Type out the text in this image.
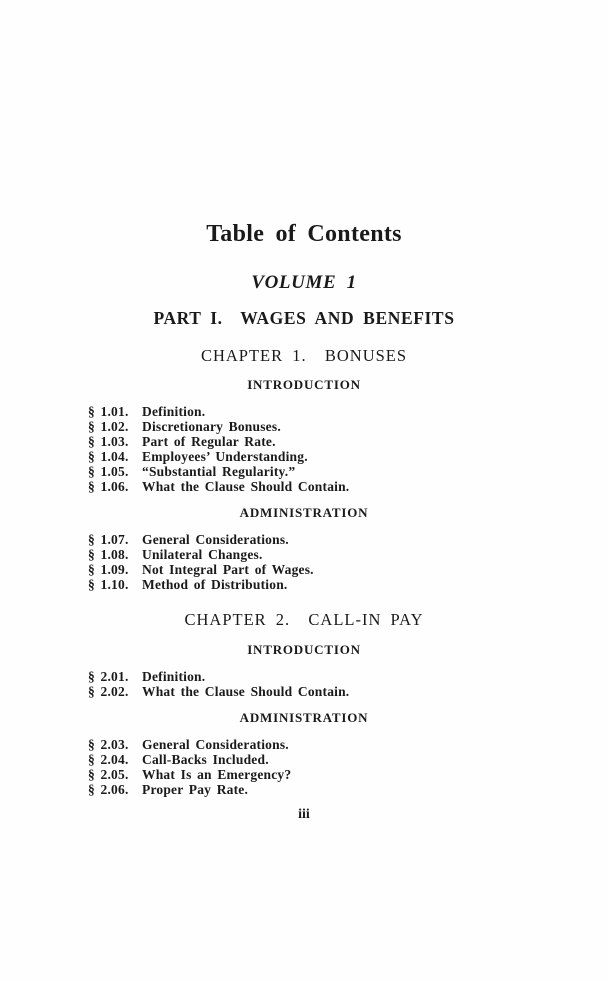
Table of Contents
VOLUME 1
PART I.  WAGES AND BENEFITS
CHAPTER 1.  BONUSES
INTRODUCTION
§ 1.01. Definition.
§ 1.02. Discretionary Bonuses.
§ 1.03. Part of Regular Rate.
§ 1.04. Employees’ Understanding.
§ 1.05. “Substantial Regularity.”
§ 1.06. What the Clause Should Contain.
ADMINISTRATION
§ 1.07. General Considerations.
§ 1.08. Unilateral Changes.
§ 1.09. Not Integral Part of Wages.
§ 1.10. Method of Distribution.
CHAPTER 2.  CALL-IN PAY
INTRODUCTION
§ 2.01. Definition.
§ 2.02. What the Clause Should Contain.
ADMINISTRATION
§ 2.03. General Considerations.
§ 2.04. Call-Backs Included.
§ 2.05. What Is an Emergency?
§ 2.06. Proper Pay Rate.
iii
